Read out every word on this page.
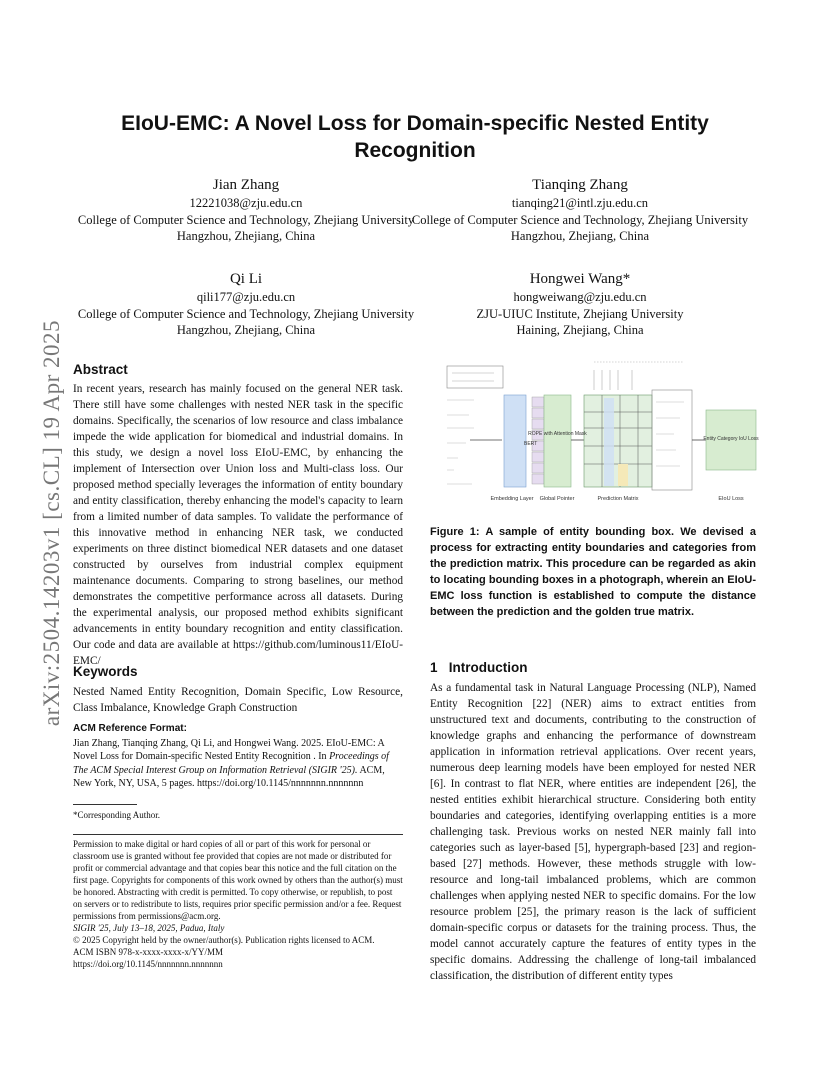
arXiv:2504.14203v1 [cs.CL] 19 Apr 2025
EIoU-EMC: A Novel Loss for Domain-specific Nested Entity Recognition
Jian Zhang
12221038@zju.edu.cn
College of Computer Science and Technology, Zhejiang University
Hangzhou, Zhejiang, China
Tianqing Zhang
tianqing21@intl.zju.edu.cn
College of Computer Science and Technology, Zhejiang University
Hangzhou, Zhejiang, China
Qi Li
qili177@zju.edu.cn
College of Computer Science and Technology, Zhejiang University
Hangzhou, Zhejiang, China
Hongwei Wang*
hongweiwang@zju.edu.cn
ZJU-UIUC Institute, Zhejiang University
Haining, Zhejiang, China
Abstract
In recent years, research has mainly focused on the general NER task. There still have some challenges with nested NER task in the specific domains. Specifically, the scenarios of low resource and class imbalance impede the wide application for biomedical and industrial domains. In this study, we design a novel loss EIoU-EMC, by enhancing the implement of Intersection over Union loss and Multi-class loss. Our proposed method specially leverages the information of entity boundary and entity classification, thereby enhancing the model's capacity to learn from a limited number of data samples. To validate the performance of this innovative method in enhancing NER task, we conducted experiments on three distinct biomedical NER datasets and one dataset constructed by ourselves from industrial complex equipment maintenance documents. Comparing to strong baselines, our method demonstrates the competitive performance across all datasets. During the experimental analysis, our proposed method exhibits significant advancements in entity boundary recognition and entity classification. Our code and data are available at https://github.com/luminous11/EIoU-EMC/
Keywords
Nested Named Entity Recognition, Domain Specific, Low Resource, Class Imbalance, Knowledge Graph Construction
ACM Reference Format:
Jian Zhang, Tianqing Zhang, Qi Li, and Hongwei Wang. 2025. EIoU-EMC: A Novel Loss for Domain-specific Nested Entity Recognition . In Proceedings of The ACM Special Interest Group on Information Retrieval (SIGIR '25). ACM, New York, NY, USA, 5 pages. https://doi.org/10.1145/nnnnnnn.nnnnnnn
*Corresponding Author.
Permission to make digital or hard copies of all or part of this work for personal or classroom use is granted without fee provided that copies are not made or distributed for profit or commercial advantage and that copies bear this notice and the full citation on the first page. Copyrights for components of this work owned by others than the author(s) must be honored. Abstracting with credit is permitted. To copy otherwise, or republish, to post on servers or to redistribute to lists, requires prior specific permission and/or a fee. Request permissions from permissions@acm.org.
SIGIR '25, July 13–18, 2025, Padua, Italy
© 2025 Copyright held by the owner/author(s). Publication rights licensed to ACM.
ACM ISBN 978-x-xxxx-xxxx-x/YY/MM
https://doi.org/10.1145/nnnnnnn.nnnnnnn
BERT
ROPE with Attention Mask
Entity Category IoU Loss
Embedding Layer Global Pointer	Prediction Matrix	EIoU Loss
Figure 1: A sample of entity bounding box. We devised a process for extracting entity boundaries and categories from the prediction matrix. This procedure can be regarded as akin to locating bounding boxes in a photograph, wherein an EIoU-EMC loss function is established to compute the distance between the prediction and the golden true matrix.
1 Introduction
As a fundamental task in Natural Language Processing (NLP), Named Entity Recognition [22] (NER) aims to extract entities from unstructured text and documents, contributing to the construction of knowledge graphs and enhancing the performance of downstream application in information retrieval applications. Over recent years, numerous deep learning models have been employed for nested NER [6]. In contrast to flat NER, where entities are independent [26], the nested entities exhibit hierarchical structure. Considering both entity boundaries and categories, identifying overlapping entities is a more challenging task. Previous works on nested NER mainly fall into categories such as layer-based [5], hypergraph-based [23] and region-based [27] methods. However, these methods struggle with low-resource and long-tail imbalanced problems, which are common challenges when applying nested NER to specific domains. For the low resource problem [25], the primary reason is the lack of sufficient domain-specific corpus or datasets for the training process. Thus, the model cannot accurately capture the features of entity types in the specific domains. Addressing the challenge of long-tail imbalanced classification, the distribution of different entity types
